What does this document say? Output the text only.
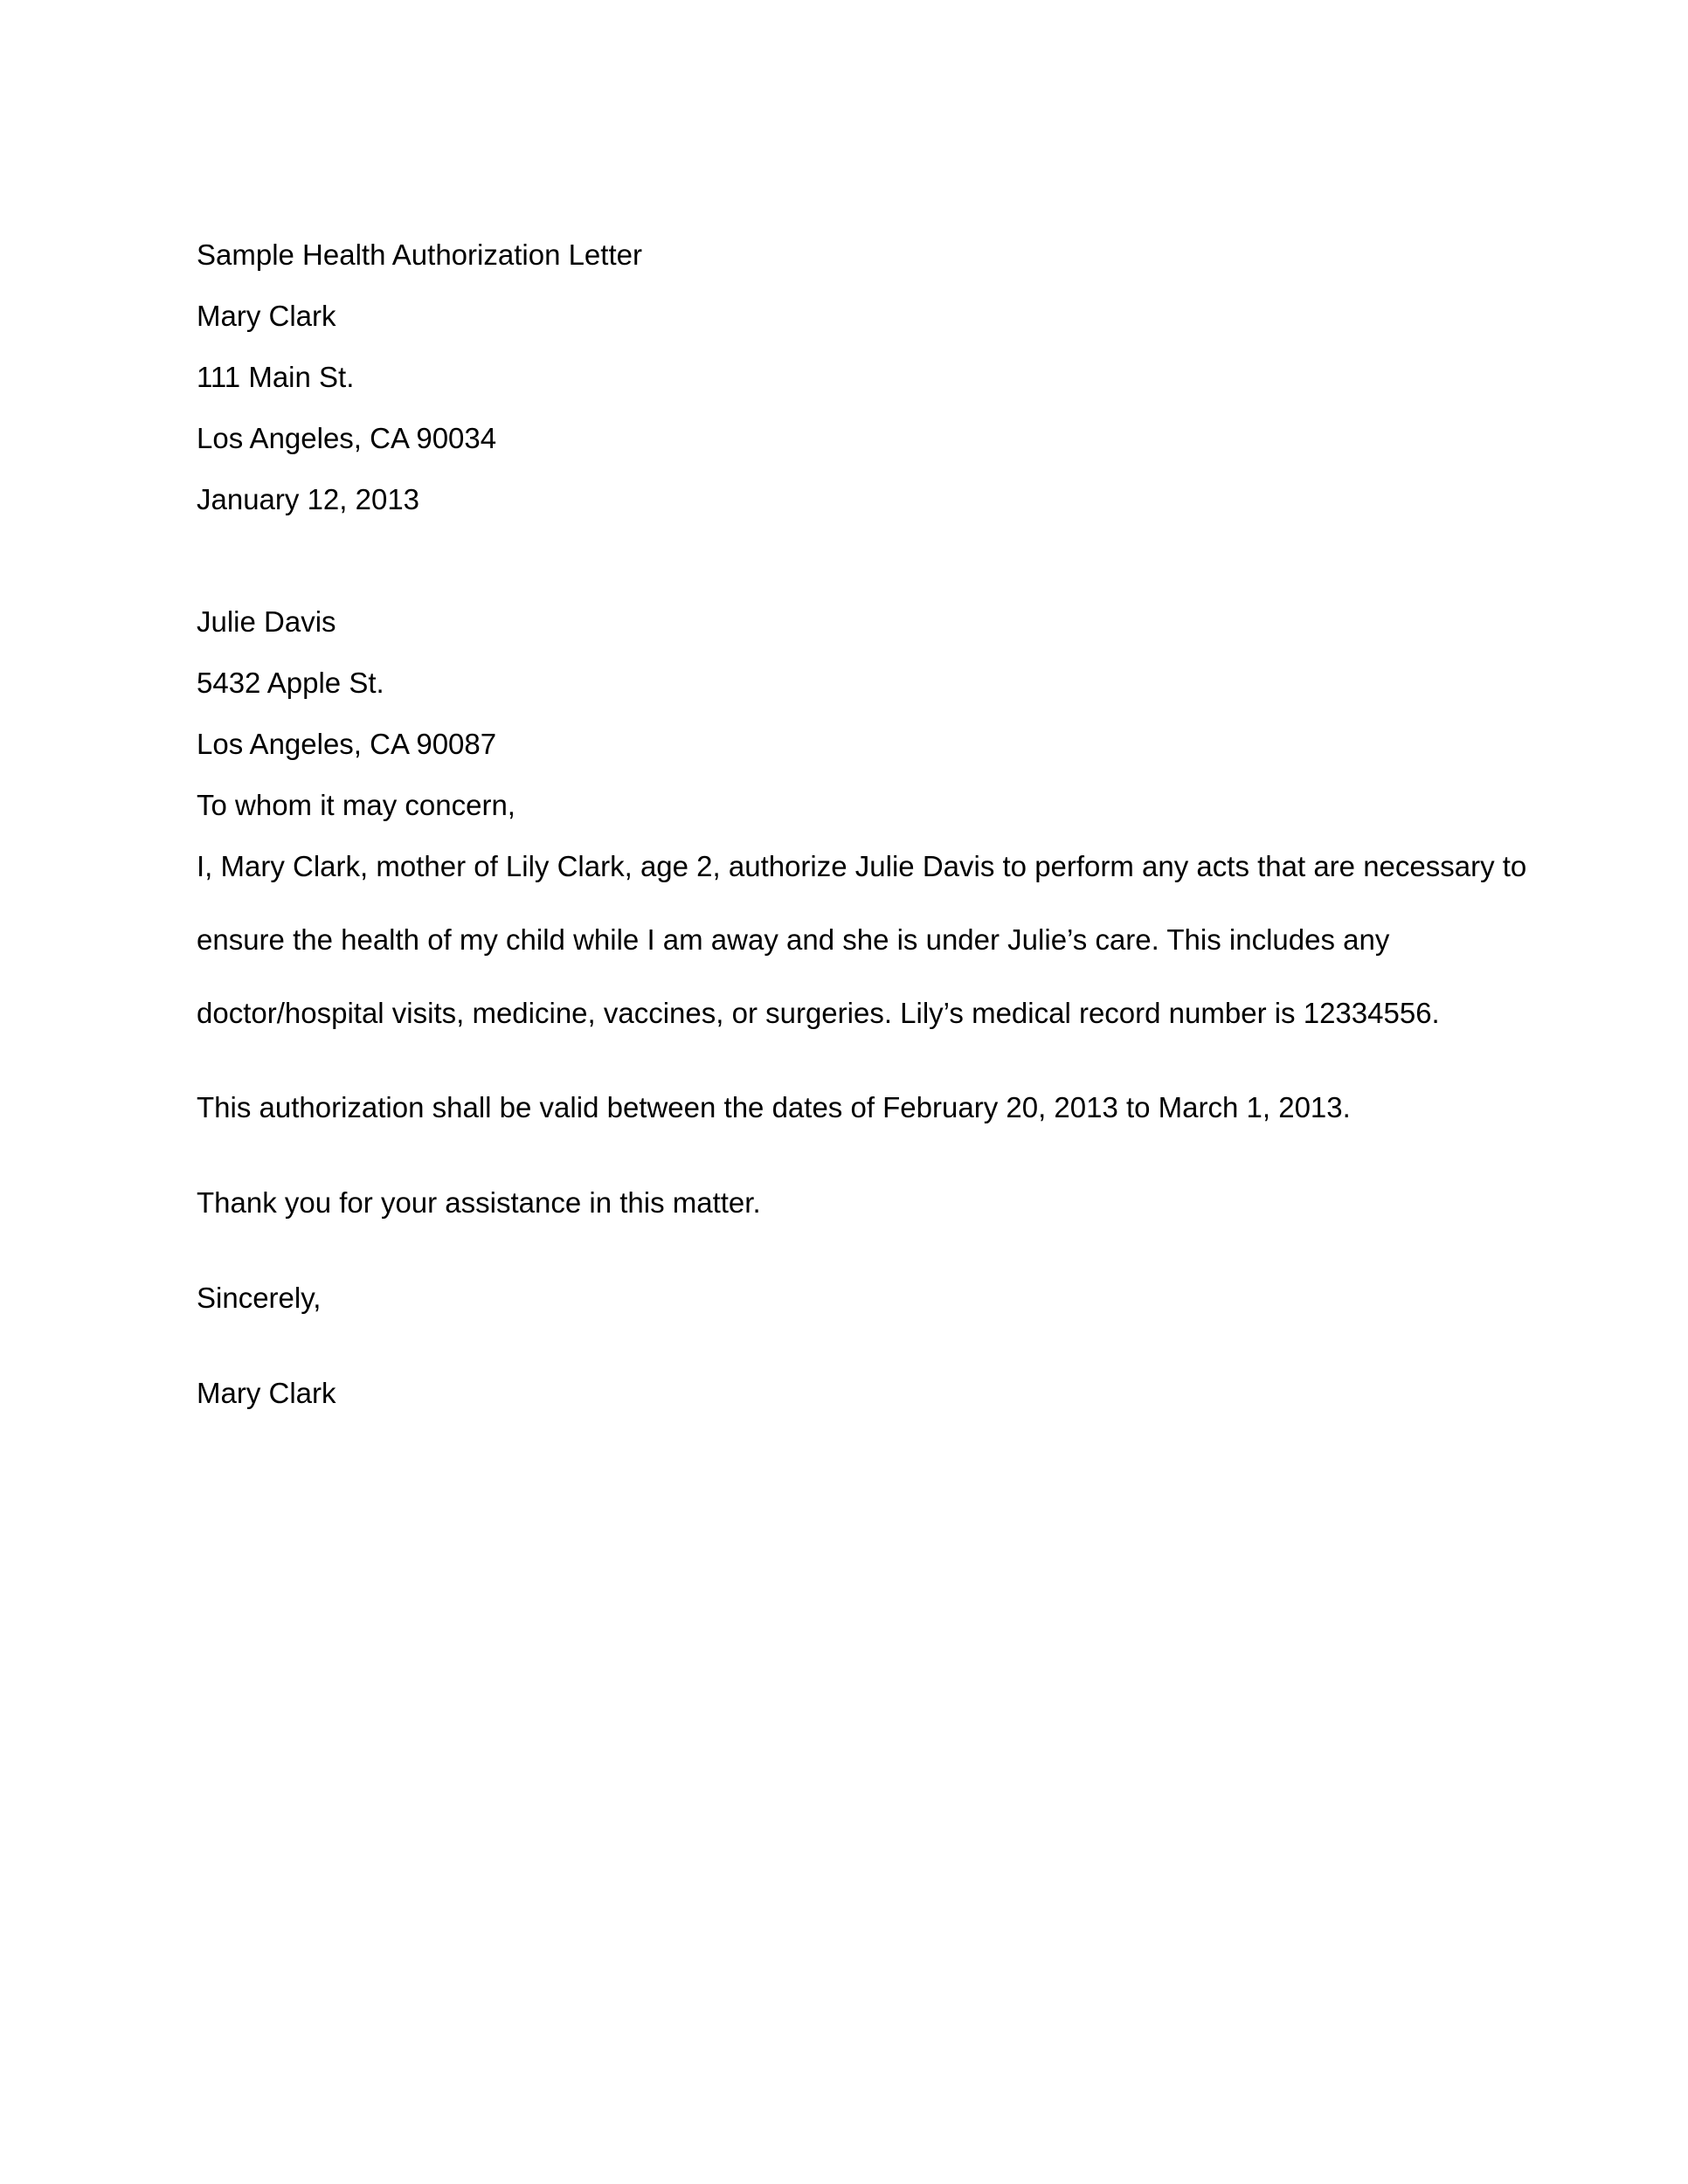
Sample Health Authorization Letter
Mary Clark
111 Main St.
Los Angeles, CA 90034
January 12, 2013
Julie Davis
5432 Apple St.
Los Angeles, CA 90087
To whom it may concern,
I, Mary Clark, mother of Lily Clark, age 2, authorize Julie Davis to perform any acts that are necessary to
ensure the health of my child while I am away and she is under Julie’s care. This includes any
doctor/hospital visits, medicine, vaccines, or surgeries. Lily’s medical record number is 12334556.
This authorization shall be valid between the dates of February 20, 2013 to March 1, 2013.
Thank you for your assistance in this matter.
Sincerely,
Mary Clark
